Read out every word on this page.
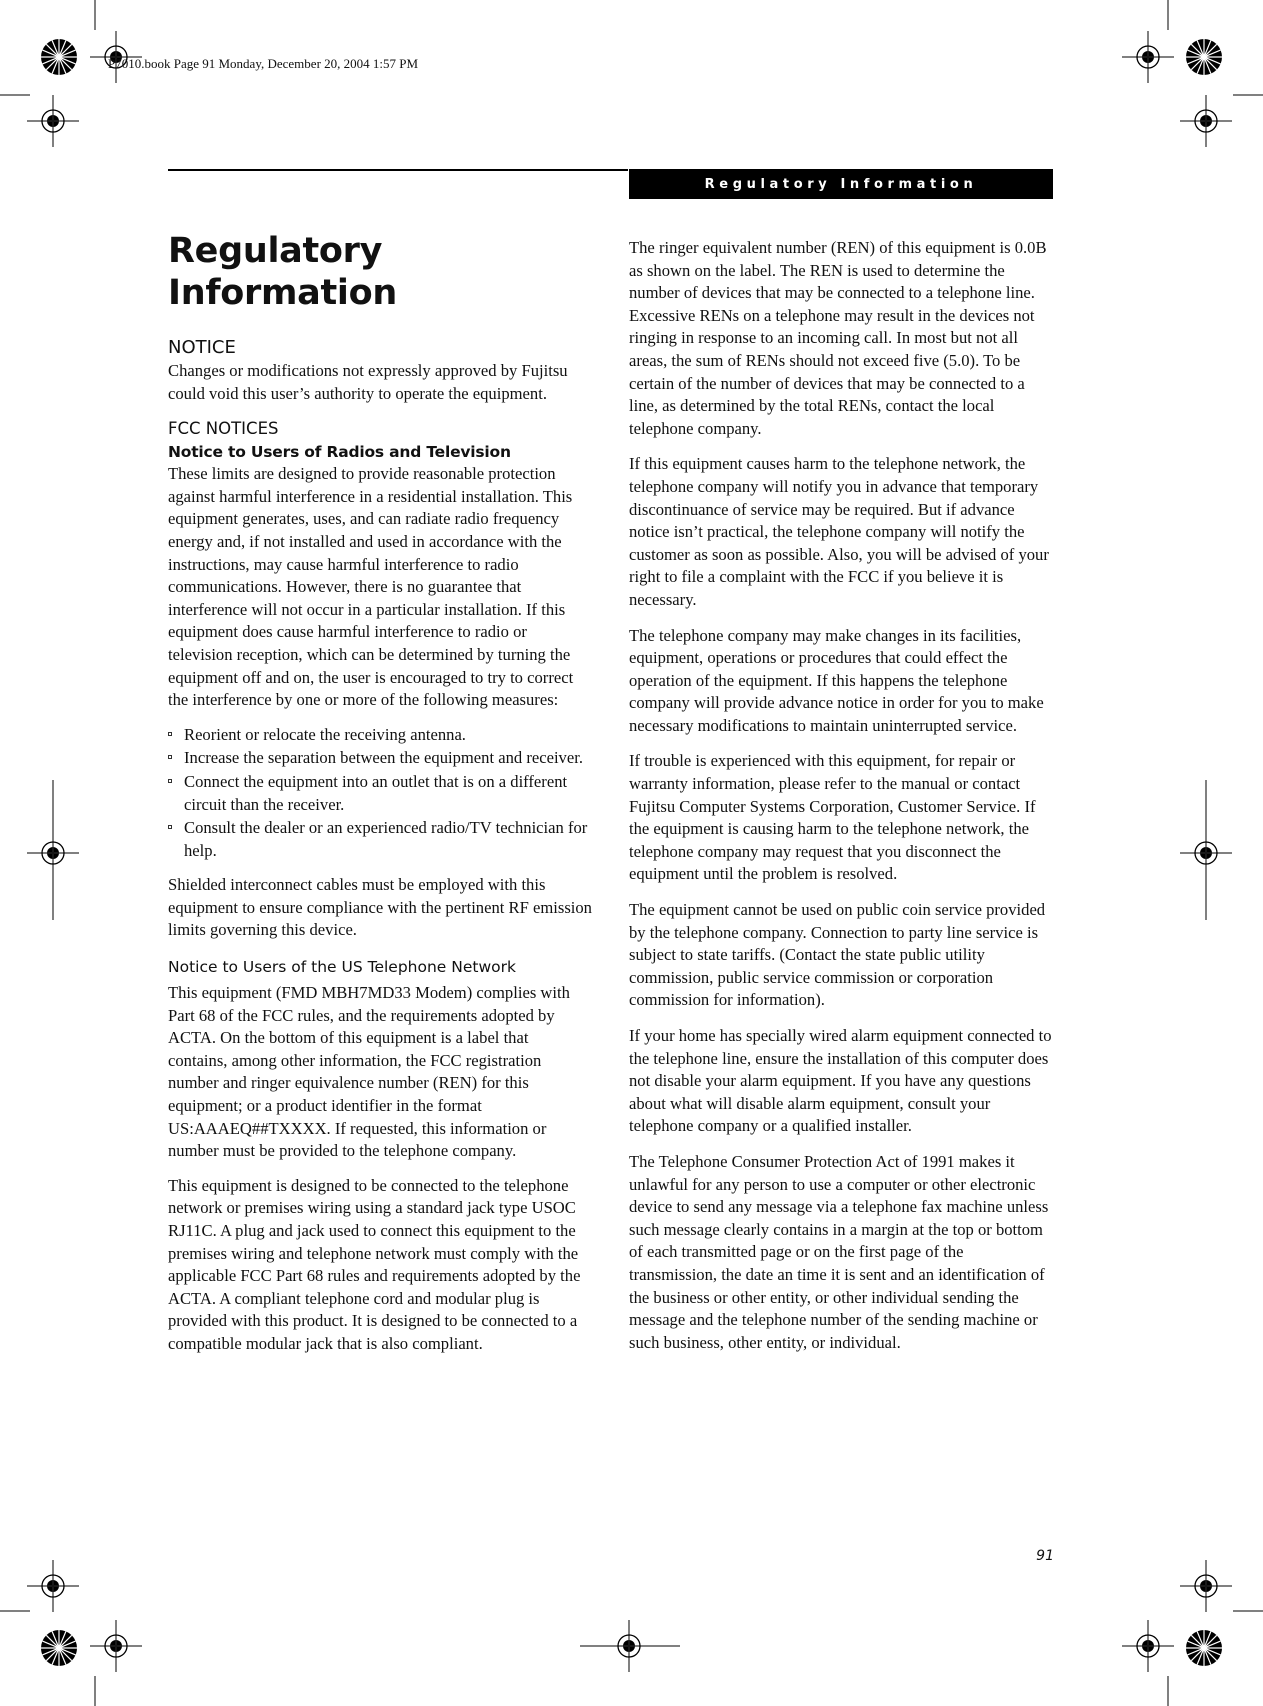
P7010.book Page 91 Monday, December 20, 2004 1:57 PM
Regulatory Information
Regulatory Information
NOTICE

Changes or modifications not expressly approved by Fujitsu could void this user’s authority to operate the equipment.

FCC NOTICES
Notice to Users of Radios and Television

These limits are designed to provide reasonable protection against harmful interference in a residential installation. This equipment generates, uses, and can radiate radio frequency energy and, if not installed and used in accordance with the instructions, may cause harmful interference to radio communications. However, there is no guarantee that interference will not occur in a particular installation. If this equipment does cause harmful interference to radio or television reception, which can be determined by turning the equipment off and on, the user is encouraged to try to correct the interference by one or more of the following measures:

Reorient or relocate the receiving antenna.
Increase the separation between the equipment and receiver.
Connect the equipment into an outlet that is on a different circuit than the receiver.
Consult the dealer or an experienced radio/TV technician for help.

Shielded interconnect cables must be employed with this equipment to ensure compliance with the pertinent RF emission limits governing this device.

Notice to Users of the US Telephone Network

This equipment (FMD MBH7MD33 Modem) complies with Part 68 of the FCC rules, and the requirements adopted by ACTA. On the bottom of this equipment is a label that contains, among other information, the FCC registration number and ringer equivalence number (REN) for this equipment; or a product identifier in the format US:AAAEQ##TXXXX. If requested, this information or number must be provided to the telephone company.

This equipment is designed to be connected to the telephone network or premises wiring using a standard jack type USOC RJ11C. A plug and jack used to connect this equipment to the premises wiring and telephone network must comply with the applicable FCC Part 68 rules and requirements adopted by the ACTA. A compliant telephone cord and modular plug is provided with this product. It is designed to be connected to a compatible modular jack that is also compliant.

The ringer equivalent number (REN) of this equipment is 0.0B as shown on the label. The REN is used to determine the number of devices that may be connected to a telephone line. Excessive RENs on a telephone may result in the devices not ringing in response to an incoming call. In most but not all areas, the sum of RENs should not exceed five (5.0). To be certain of the number of devices that may be connected to a line, as determined by the total RENs, contact the local telephone company.

If this equipment causes harm to the telephone network, the telephone company will notify you in advance that temporary discontinuance of service may be required. But if advance notice isn’t practical, the telephone company will notify the customer as soon as possible. Also, you will be advised of your right to file a complaint with the FCC if you believe it is necessary.

The telephone company may make changes in its facilities, equipment, operations or procedures that could effect the operation of the equipment. If this happens the telephone company will provide advance notice in order for you to make necessary modifications to maintain uninterrupted service.

If trouble is experienced with this equipment, for repair or warranty information, please refer to the manual or contact Fujitsu Computer Systems Corporation, Customer Service. If the equipment is causing harm to the telephone network, the telephone company may request that you disconnect the equipment until the problem is resolved.

The equipment cannot be used on public coin service provided by the telephone company. Connection to party line service is subject to state tariffs. (Contact the state public utility commission, public service commission or corporation commission for information).

If your home has specially wired alarm equipment connected to the telephone line, ensure the installation of this computer does not disable your alarm equipment. If you have any questions about what will disable alarm equipment, consult your telephone company or a qualified installer.

The Telephone Consumer Protection Act of 1991 makes it unlawful for any person to use a computer or other electronic device to send any message via a telephone fax machine unless such message clearly contains in a margin at the top or bottom of each transmitted page or on the first page of the transmission, the date an time it is sent and an identification of the business or other entity, or other individual sending the message and the telephone number of the sending machine or such business, other entity, or individual.

91
